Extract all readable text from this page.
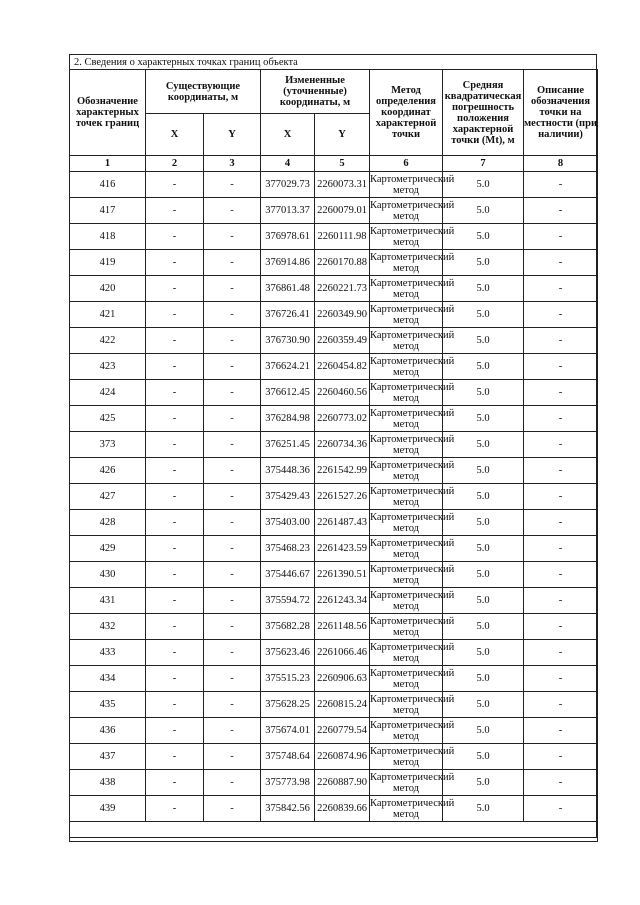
2. Сведения о характерных точках границ объекта
Обозначение характерных точек границ	Существующие координаты, м		Измененные (уточненные) координаты, м		Метод определения координат характерной точки	Средняя квадратическая погрешность положения характерной точки (Mt), м	Описание обозначения точки на местности (при наличии)
	X	Y	X	Y			
1	2	3	4	5	6	7	8
416	-	-	377029.73	2260073.31	Картометрический метод	5.0	-
417	-	-	377013.37	2260079.01	Картометрический метод	5.0	-
418	-	-	376978.61	2260111.98	Картометрический метод	5.0	-
419	-	-	376914.86	2260170.88	Картометрический метод	5.0	-
420	-	-	376861.48	2260221.73	Картометрический метод	5.0	-
421	-	-	376726.41	2260349.90	Картометрический метод	5.0	-
422	-	-	376730.90	2260359.49	Картометрический метод	5.0	-
423	-	-	376624.21	2260454.82	Картометрический метод	5.0	-
424	-	-	376612.45	2260460.56	Картометрический метод	5.0	-
425	-	-	376284.98	2260773.02	Картометрический метод	5.0	-
373	-	-	376251.45	2260734.36	Картометрический метод	5.0	-
426	-	-	375448.36	2261542.99	Картометрический метод	5.0	-
427	-	-	375429.43	2261527.26	Картометрический метод	5.0	-
428	-	-	375403.00	2261487.43	Картометрический метод	5.0	-
429	-	-	375468.23	2261423.59	Картометрический метод	5.0	-
430	-	-	375446.67	2261390.51	Картометрический метод	5.0	-
431	-	-	375594.72	2261243.34	Картометрический метод	5.0	-
432	-	-	375682.28	2261148.56	Картометрический метод	5.0	-
433	-	-	375623.46	2261066.46	Картометрический метод	5.0	-
434	-	-	375515.23	2260906.63	Картометрический метод	5.0	-
435	-	-	375628.25	2260815.24	Картометрический метод	5.0	-
436	-	-	375674.01	2260779.54	Картометрический метод	5.0	-
437	-	-	375748.64	2260874.96	Картометрический метод	5.0	-
438	-	-	375773.98	2260887.90	Картометрический метод	5.0	-
439	-	-	375842.56	2260839.66	Картометрический метод	5.0	-
